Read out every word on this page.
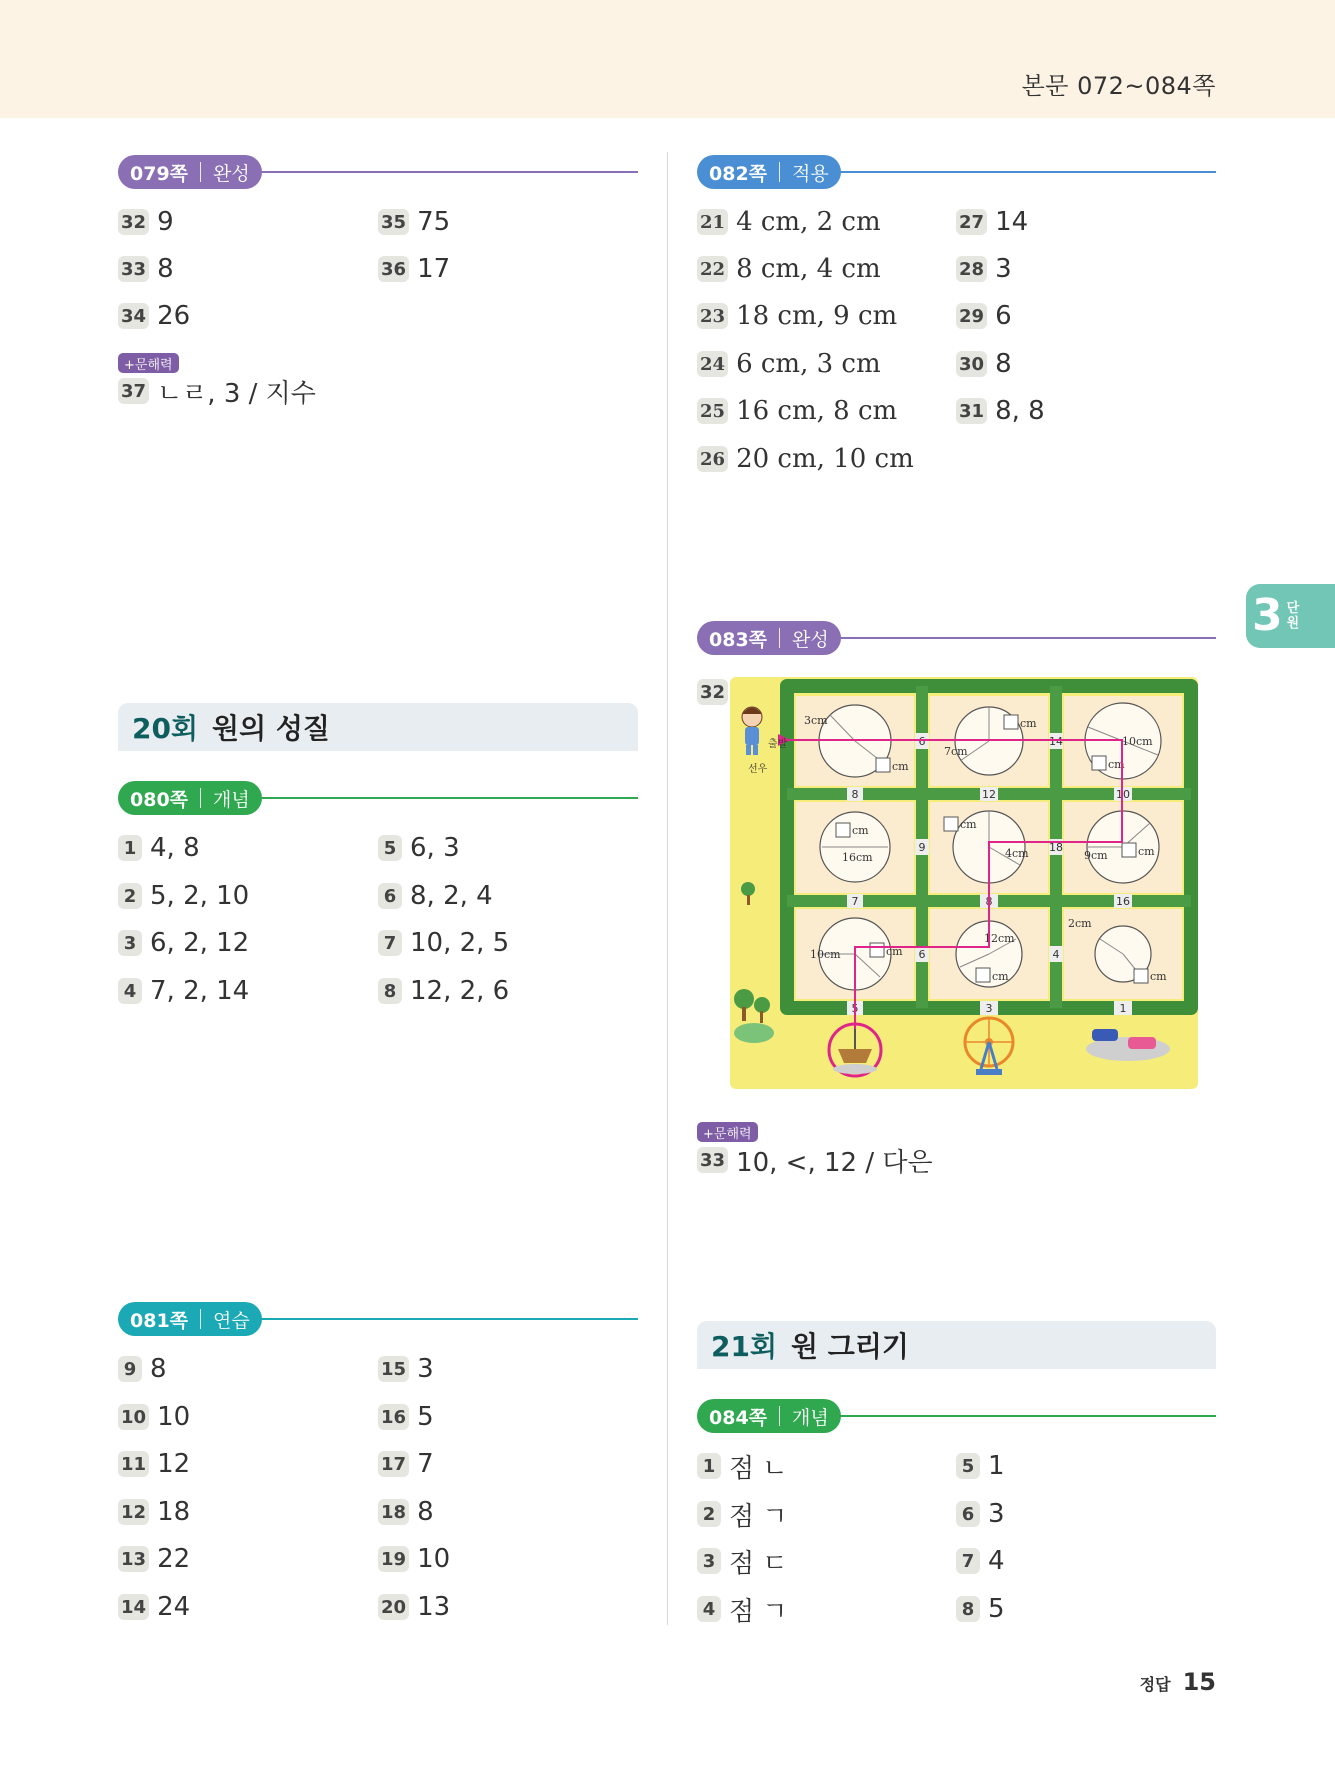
본문 072~084쪽
079쪽 완성
32 9
33 8
34 26
35 75
36 17
+문해력
37 ㄴㄹ, 3 / 지수
20회 원의 성질
080쪽 개념
1 4, 8
2 5, 2, 10
3 6, 2, 12
4 7, 2, 14
5 6, 3
6 8, 2, 4
7 10, 2, 5
8 12, 2, 6
081쪽 연습
9 8
10 10
11 12
12 18
13 22
14 24
15 3
16 5
17 7
18 8
19 10
20 13
082쪽 적용
21 4 cm, 2 cm
22 8 cm, 4 cm
23 18 cm, 9 cm
24 6 cm, 3 cm
25 16 cm, 8 cm
26 20 cm, 10 cm
27 14
28 3
29 6
30 8
31 8, 8
083쪽 완성
32
6	14
8	12	10
9	18
7	8	16
6	4
5	3	1
3cm
cm
7cm
cm
10cm
cm
cm
16cm
cm
4cm	9cm	cm
10cm	cm
12cm
cm
2cm
cm
출발
선우
+문해력
33 10, <, 12 / 다은
21회 원 그리기
084쪽 개념
1 점 ㄴ
2 점 ㄱ
3 점 ㄷ
4 점 ㄱ
5 1
6 3
7 4
8 5
3 단
원
정답 15
